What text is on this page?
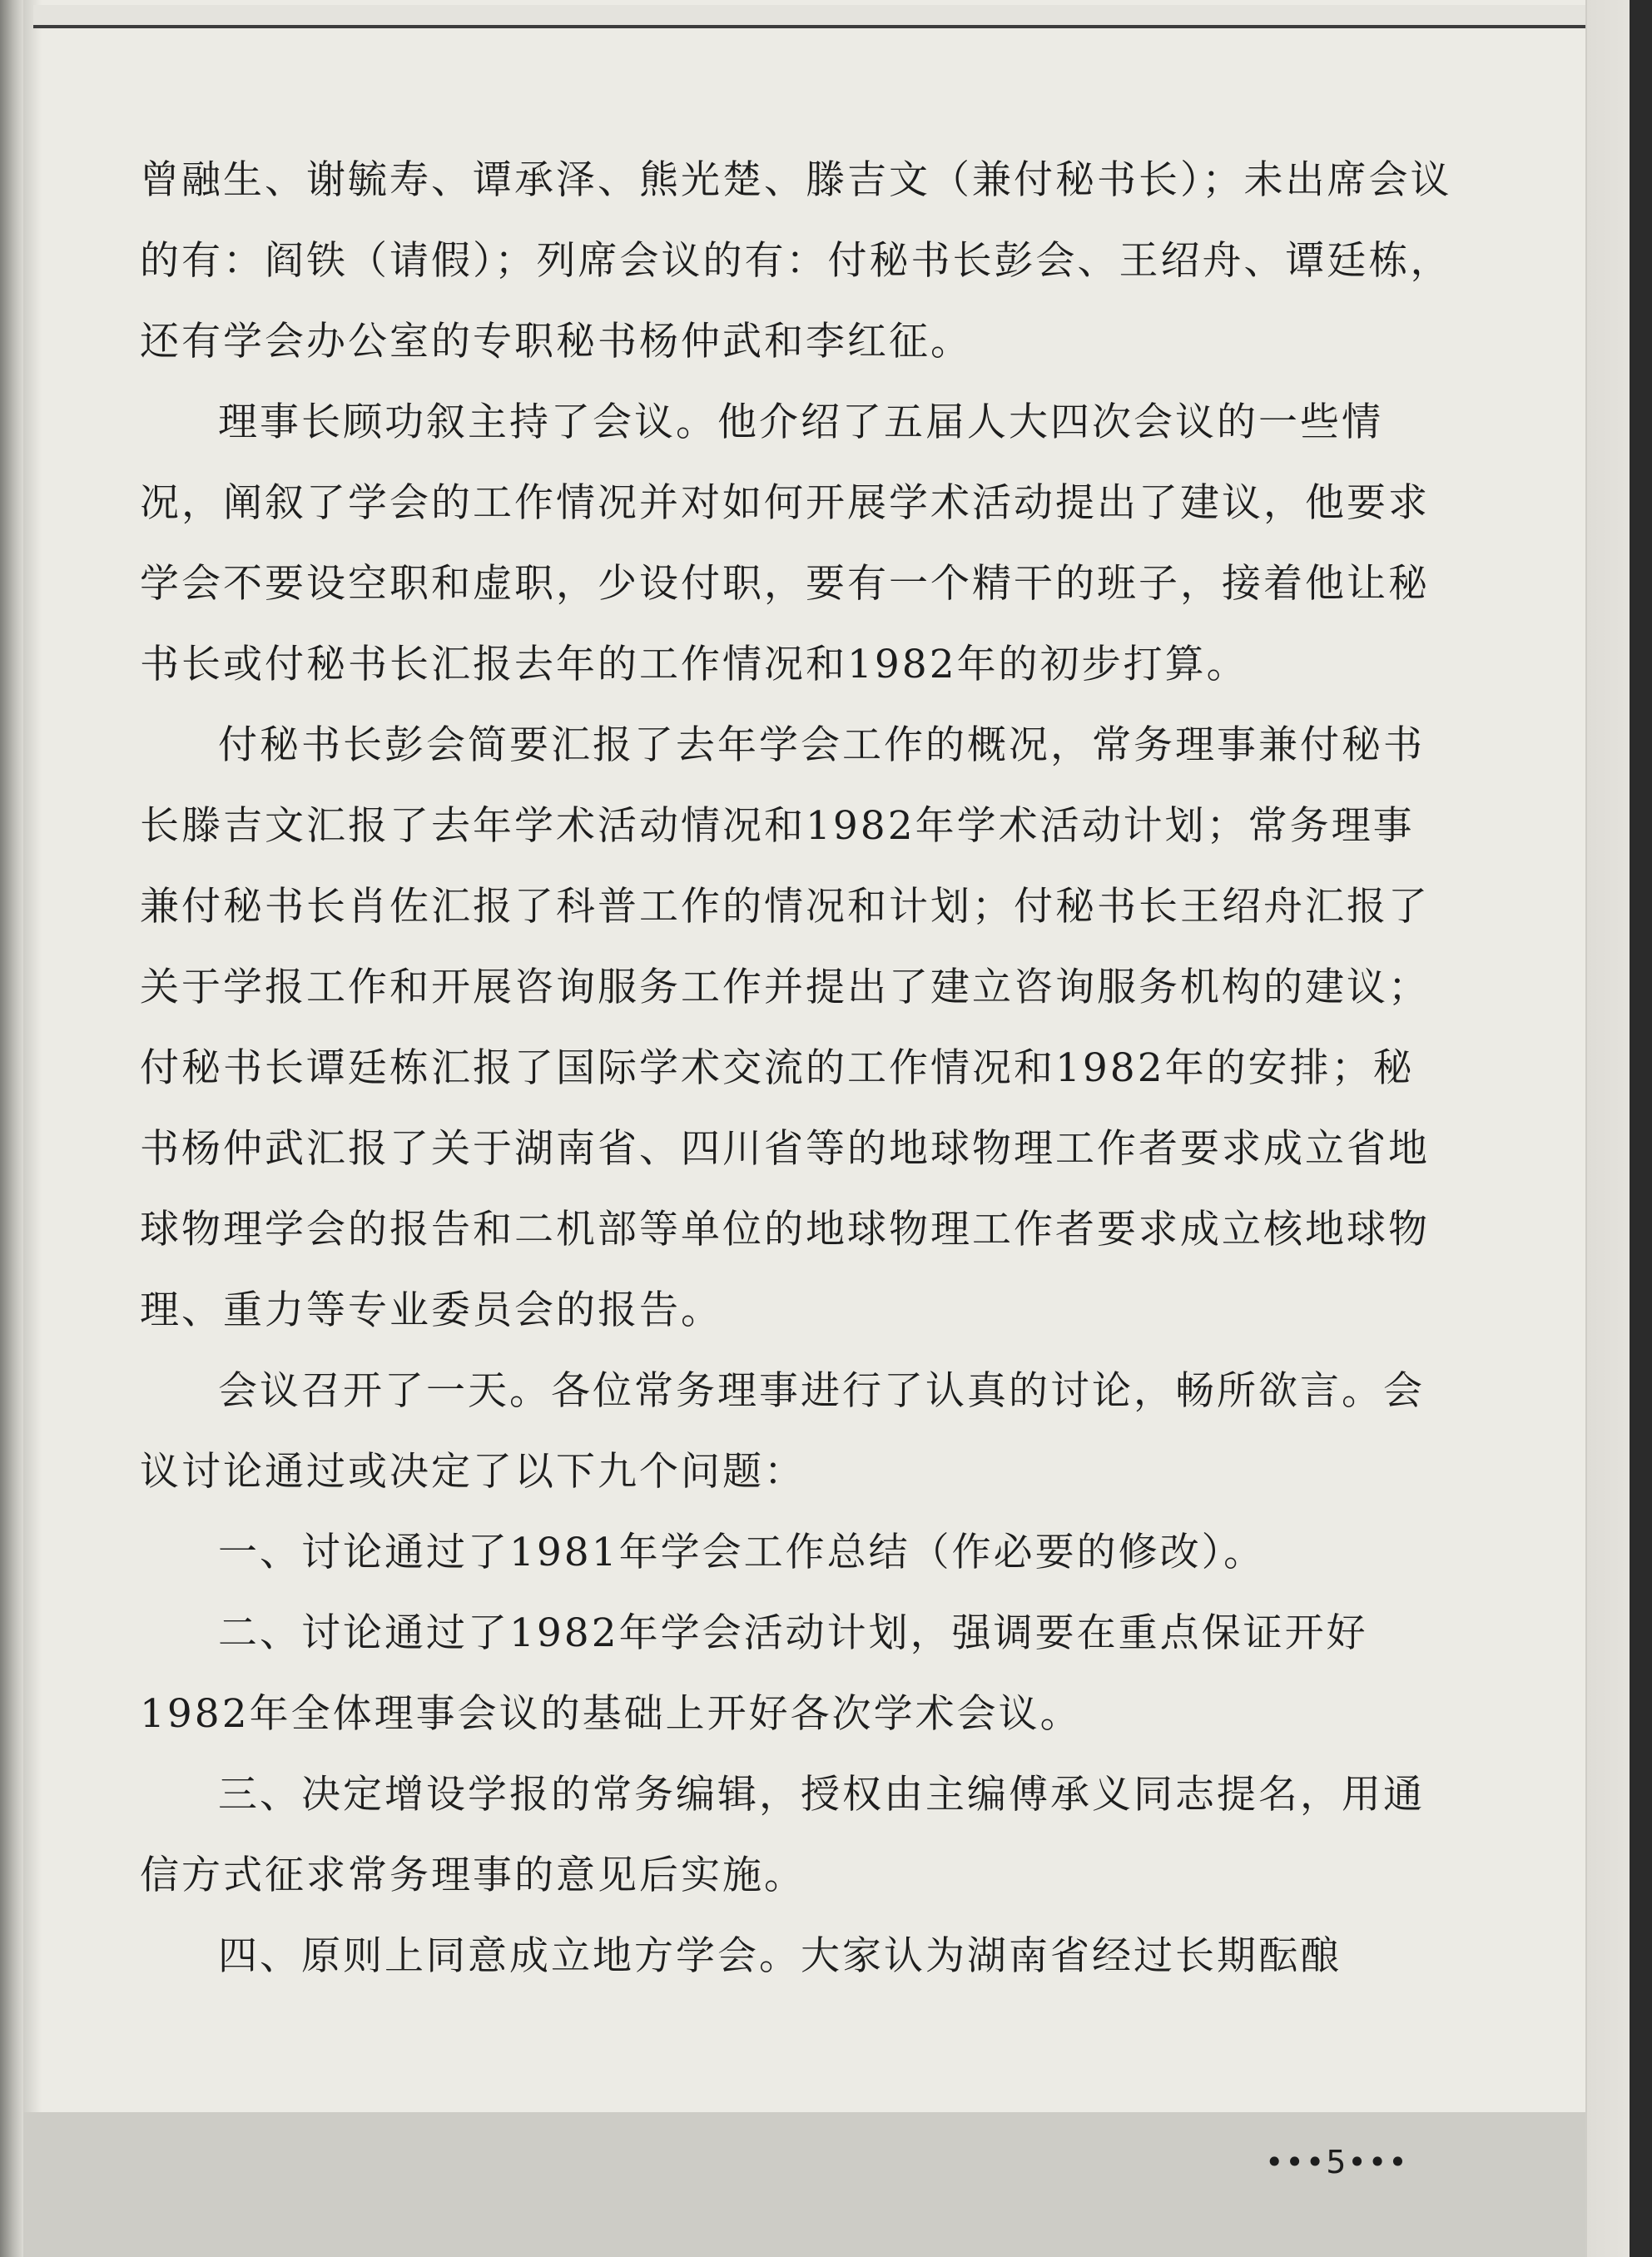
曾融生、谢毓寿、谭承泽、熊光楚、滕吉文（兼付秘书长）；未出席会议的有：阎铁（请假）；列席会议的有：付秘书长彭会、王绍舟、谭廷栋，还有学会办公室的专职秘书杨仲武和李红征。

理事长顾功叙主持了会议。他介绍了五届人大四次会议的一些情况，阐叙了学会的工作情况并对如何开展学术活动提出了建议，他要求学会不要设空职和虚职，少设付职，要有一个精干的班子，接着他让秘书长或付秘书长汇报去年的工作情况和1982年的初步打算。

付秘书长彭会简要汇报了去年学会工作的概况，常务理事兼付秘书长滕吉文汇报了去年学术活动情况和1982年学术活动计划；常务理事兼付秘书长肖佐汇报了科普工作的情况和计划；付秘书长王绍舟汇报了关于学报工作和开展咨询服务工作并提出了建立咨询服务机构的建议；付秘书长谭廷栋汇报了国际学术交流的工作情况和1982年的安排；秘书杨仲武汇报了关于湖南省、四川省等的地球物理工作者要求成立省地球物理学会的报告和二机部等单位的地球物理工作者要求成立核地球物理、重力等专业委员会的报告。

会议召开了一天。各位常务理事进行了认真的讨论，畅所欲言。会议讨论通过或决定了以下九个问题：

一、讨论通过了1981年学会工作总结（作必要的修改）。

二、讨论通过了1982年学会活动计划，强调要在重点保证开好1982年全体理事会议的基础上开好各次学术会议。

三、决定增设学报的常务编辑，授权由主编傅承义同志提名，用通信方式征求常务理事的意见后实施。

四、原则上同意成立地方学会。大家认为湖南省经过长期酝酿

•••5•••
